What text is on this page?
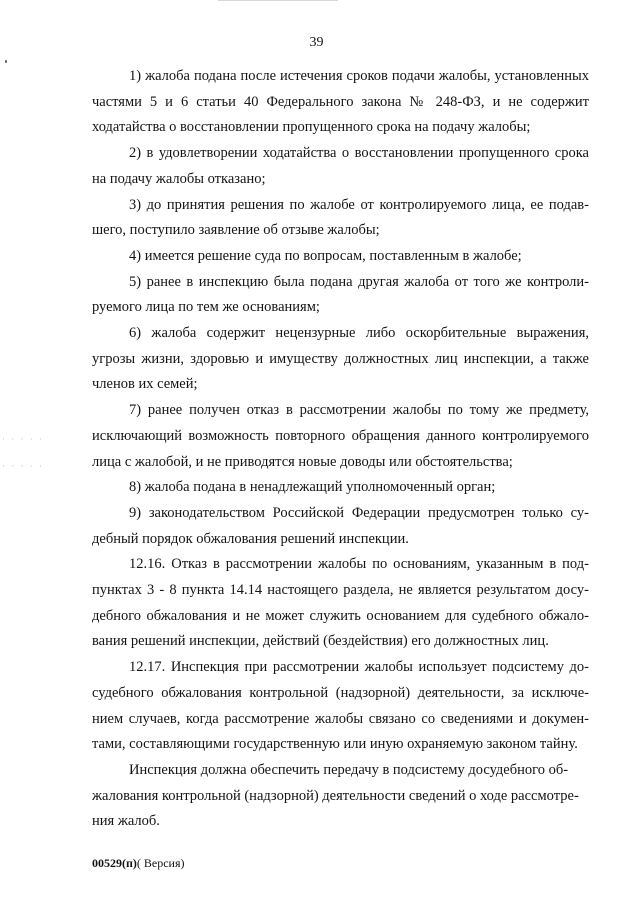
· · · · ·
· · · · ·
39

1) жалоба подана после истечения сроков подачи жалобы, установленных частями 5 и 6 статьи 40 Федерального закона № 248-ФЗ, и не содержит ходатайства о восстановлении пропущенного срока на подачу жалобы;

2) в удовлетворении ходатайства о восстановлении пропущенного срока на подачу жалобы отказано;

3) до принятия решения по жалобе от контролируемого лица, ее подавшего, поступило заявление об отзыве жалобы;

4) имеется решение суда по вопросам, поставленным в жалобе;

5) ранее в инспекцию была подана другая жалоба от того же контролируемого лица по тем же основаниям;

6) жалоба содержит нецензурные либо оскорбительные выражения, угрозы жизни, здоровью и имуществу должностных лиц инспекции, а также членов их семей;

7) ранее получен отказ в рассмотрении жалобы по тому же предмету, исключающий возможность повторного обращения данного контролируемого лица с жалобой, и не приводятся новые доводы или обстоятельства;

8) жалоба подана в ненадлежащий уполномоченный орган;

9) законодательством Российской Федерации предусмотрен только судебный порядок обжалования решений инспекции.

12.16. Отказ в рассмотрении жалобы по основаниям, указанным в подпунктах 3 - 8 пункта 14.14 настоящего раздела, не является результатом досудебного обжалования и не может служить основанием для судебного обжалования решений инспекции, действий (бездействия) его должностных лиц.

12.17. Инспекция при рассмотрении жалобы использует подсистему досудебного обжалования контрольной (надзорной) деятельности, за исключением случаев, когда рассмотрение жалобы связано со сведениями и документами, составляющими государственную или иную охраняемую законом тайну.

Инспекция должна обеспечить передачу в подсистему досудебного обжалования контрольной (надзорной) деятельности сведений о ходе рассмотрения жалоб.

00529(п)( Версия)
